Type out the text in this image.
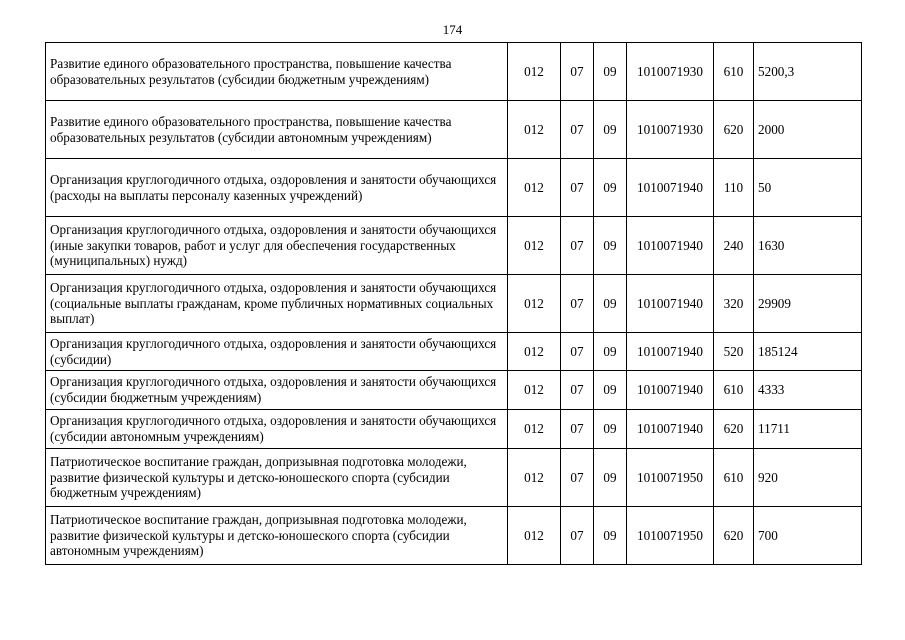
174
Развитие единого образовательного пространства, повышение качества образовательных результатов (субсидии бюджетным учреждениям)	012	07	09	1010071930	610	5200,3
Развитие единого образовательного пространства, повышение качества образовательных результатов (субсидии автономным учреждениям)	012	07	09	1010071930	620	2000
Организация круглогодичного отдыха, оздоровления и занятости обучающихся (расходы на выплаты персоналу казенных учреждений)	012	07	09	1010071940	110	50
Организация круглогодичного отдыха, оздоровления и занятости обучающихся (иные закупки товаров, работ и услуг для обеспечения государственных (муниципальных) нужд)	012	07	09	1010071940	240	1630
Организация круглогодичного отдыха, оздоровления и занятости обучающихся (социальные выплаты гражданам, кроме публичных нормативных социальных выплат)	012	07	09	1010071940	320	29909
Организация круглогодичного отдыха, оздоровления и занятости обучающихся (субсидии)	012	07	09	1010071940	520	185124
Организация круглогодичного отдыха, оздоровления и занятости обучающихся (субсидии бюджетным учреждениям)	012	07	09	1010071940	610	4333
Организация круглогодичного отдыха, оздоровления и занятости обучающихся (субсидии автономным учреждениям)	012	07	09	1010071940	620	11711
Патриотическое воспитание граждан, допризывная подготовка молодежи, развитие физической культуры и детско-юношеского спорта (субсидии бюджетным учреждениям)	012	07	09	1010071950	610	920
Патриотическое воспитание граждан, допризывная подготовка молодежи, развитие физической культуры и детско-юношеского спорта (субсидии автономным учреждениям)	012	07	09	1010071950	620	700
